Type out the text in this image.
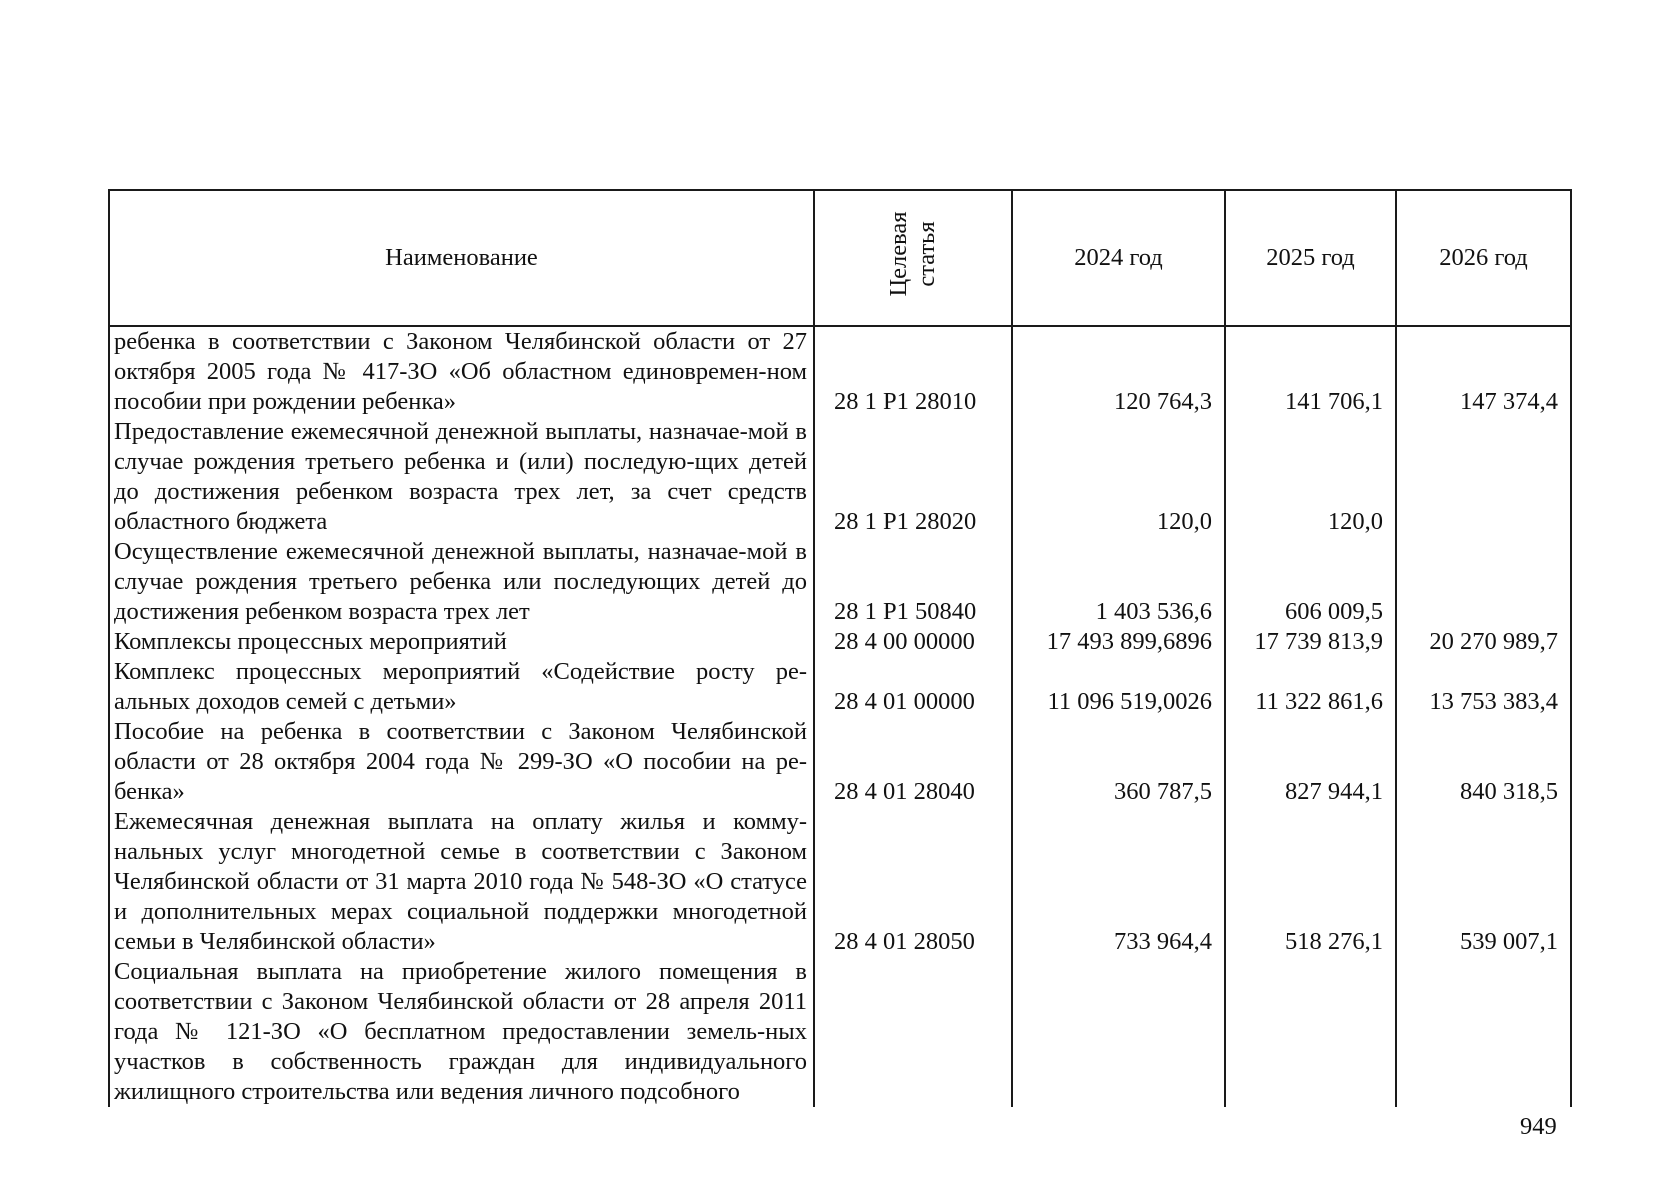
Наименование	Целевая статья	2024 год	2025 год	2026 год
ребенка в соответствии с Законом Челябинской области от 27 октября 2005 года № 417-ЗО «Об областном единовремен-ном пособии при рождении ребенка»	28 1 P1 28010	120 764,3	141 706,1	147 374,4
Предоставление ежемесячной денежной выплаты, назначае-мой в случае рождения третьего ребенка и (или) последую-щих детей до достижения ребенком возраста трех лет, за счет средств областного бюджета	28 1 P1 28020	120,0	120,0	
Осуществление ежемесячной денежной выплаты, назначае-мой в случае рождения третьего ребенка или последующих детей до достижения ребенком возраста трех лет	28 1 P1 50840	1 403 536,6	606 009,5	
Комплексы процессных мероприятий	28 4 00 00000	17 493 899,6896	17 739 813,9	20 270 989,7
Комплекс процессных мероприятий «Содействие росту ре-альных доходов семей с детьми»	28 4 01 00000	11 096 519,0026	11 322 861,6	13 753 383,4
Пособие на ребенка в соответствии с Законом Челябинской области от 28 октября 2004 года № 299-ЗО «О пособии на ре-бенка»	28 4 01 28040	360 787,5	827 944,1	840 318,5
Ежемесячная денежная выплата на оплату жилья и комму-нальных услуг многодетной семье в соответствии с Законом Челябинской области от 31 марта 2010 года № 548-ЗО «О статусе и дополнительных мерах социальной поддержки многодетной семьи в Челябинской области»	28 4 01 28050	733 964,4	518 276,1	539 007,1
Социальная выплата на приобретение жилого помещения в соответствии с Законом Челябинской области от 28 апреля 2011 года № 121-ЗО «О бесплатном предоставлении земель-ных участков в собственность граждан для индивидуального жилищного строительства или ведения личного подсобного				
949
